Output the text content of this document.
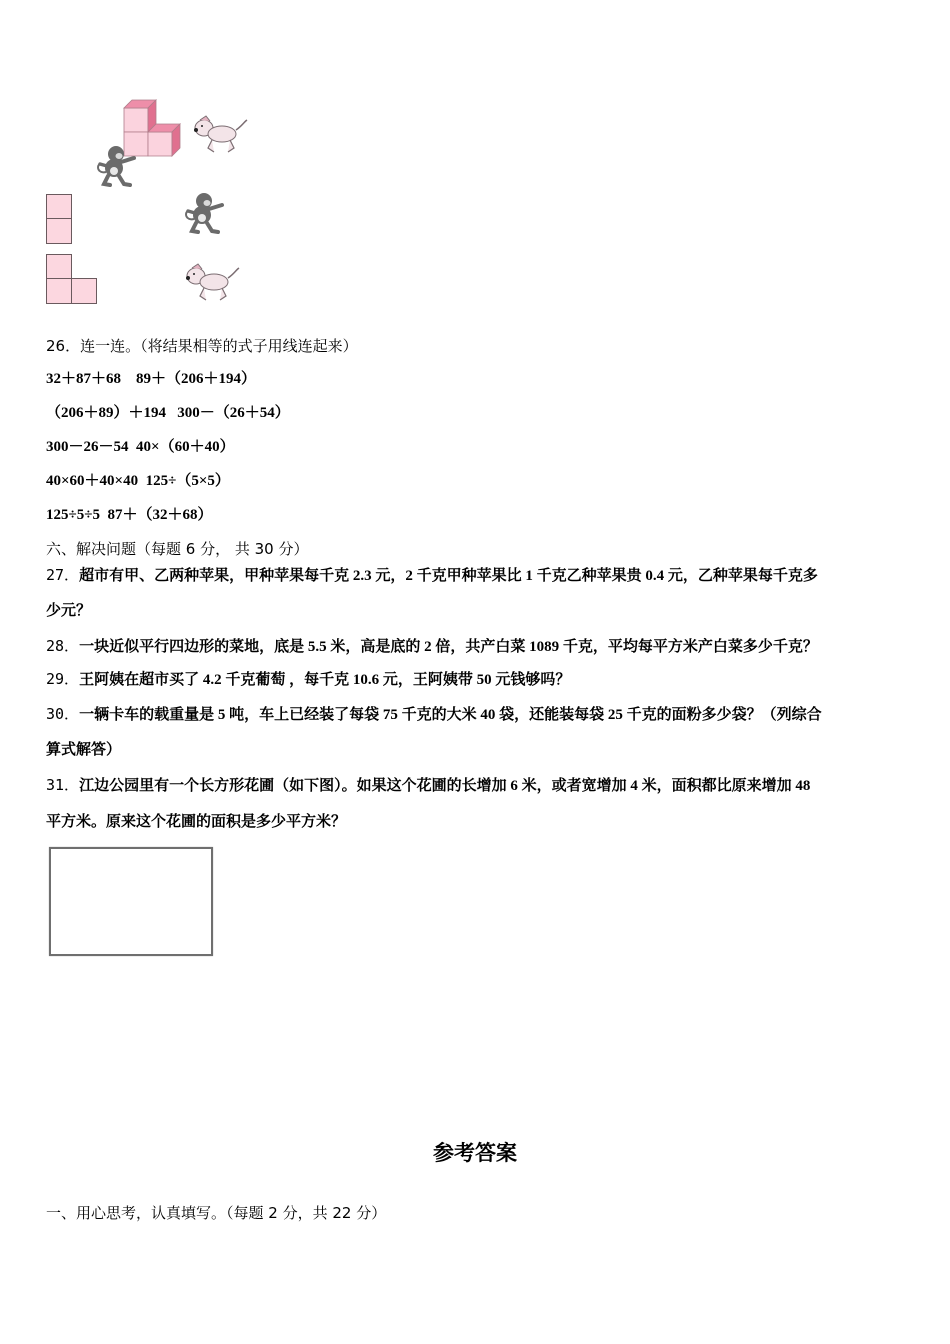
26．连一连。（将结果相等的式子用线连起来）
32＋87＋68 89＋（206＋194）
（206＋89）＋194 300－（26＋54）
300－26－54 40×（60＋40）
40×60＋40×40 125÷（5×5）
125÷5÷5 87＋（32＋68）
六、解决问题（每题 6 分， 共 30 分）
27．超市有甲、乙两种苹果，甲种苹果每千克 2.3 元，2 千克甲种苹果比 1 千克乙种苹果贵 0.4 元，乙种苹果每千克多
少元？
28．一块近似平行四边形的菜地，底是 5.5 米，高是底的 2 倍，共产白菜 1089 千克，平均每平方米产白菜多少千克？
29．王阿姨在超市买了 4.2 千克葡萄 ，每千克 10.6 元，王阿姨带 50 元钱够吗？
30．一辆卡车的载重量是 5 吨，车上已经装了每袋 75 千克的大米 40 袋，还能装每袋 25 千克的面粉多少袋？（列综合
算式解答）
31．江边公园里有一个长方形花圃（如下图）。如果这个花圃的长增加 6 米，或者宽增加 4 米，面积都比原来增加 48
平方米。原来这个花圃的面积是多少平方米？
参考答案
一、用心思考，认真填写。（每题 2 分，共 22 分）
